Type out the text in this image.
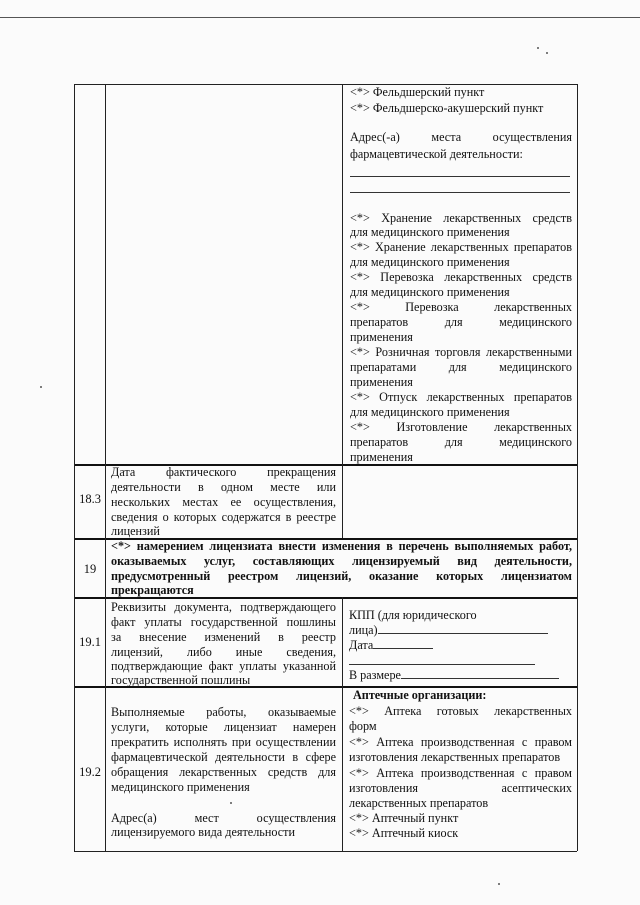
<*> Фельдшерский пункт
<*> Фельдшерско-акушерский пункт
Адрес(-а) места осуществления
фармацевтической деятельности:
<*> Хранение лекарственных средств
для медицинского применения
<*> Хранение лекарственных препаратов
для медицинского применения
<*> Перевозка лекарственных средств
для медицинского применения
<*> Перевозка лекарственных
препаратов для медицинского
применения
<*> Розничная торговля лекарственными
препаратами для медицинского
применения
<*> Отпуск лекарственных препаратов
для медицинского применения
<*> Изготовление лекарственных
препаратов для медицинского
применения
18.3
Дата фактического прекращения
деятельности в одном месте или
нескольких местах ее осуществления,
сведения о которых содержатся в реестре
лицензий
19
<*> намерением лицензиата внести изменения в перечень выполняемых работ,
оказываемых услуг, составляющих лицензируемый вид деятельности,
предусмотренный реестром лицензий, оказание которых лицензиатом
прекращаются
19.1
Реквизиты документа, подтверждающего
факт уплаты государственной пошлины
за внесение изменений в реестр
лицензий, либо иные сведения,
подтверждающие факт уплаты указанной
государственной пошлины
КПП (для юридического
лица)
Дата
В размере
19.2
Выполняемые работы, оказываемые
услуги, которые лицензиат намерен
прекратить исполнять при осуществлении
фармацевтической деятельности в сфере
обращения лекарственных средств для
медицинского применения
Адрес(а) мест осуществления
лицензируемого вида деятельности
Аптечные организации:
<*> Аптека готовых лекарственных
форм
<*> Аптека производственная с правом
изготовления лекарственных препаратов
<*> Аптека производственная с правом
изготовления асептических
лекарственных препаратов
<*> Аптечный пункт
<*> Аптечный киоск
